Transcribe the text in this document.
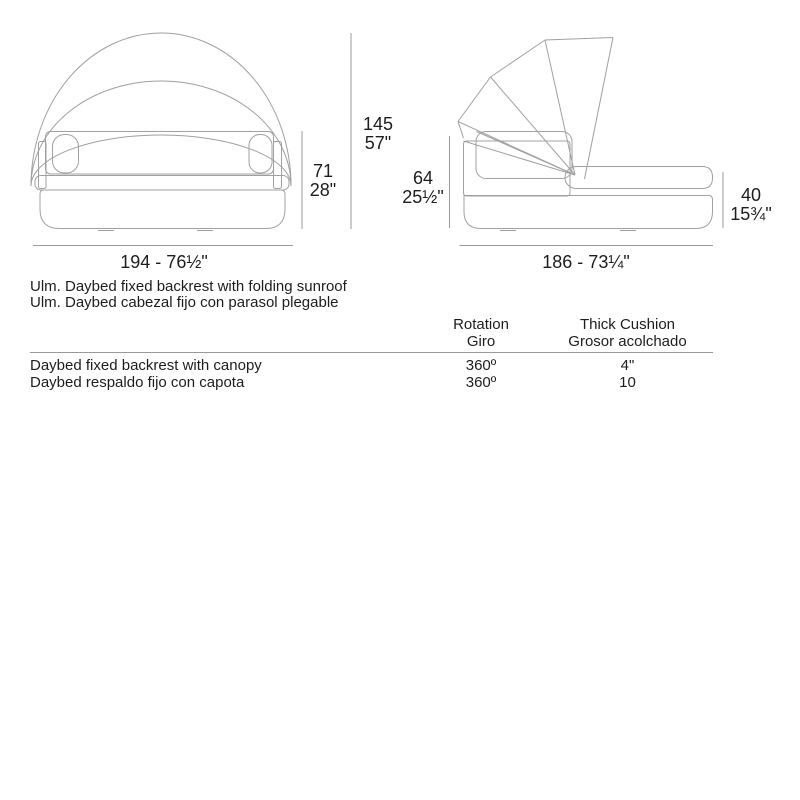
145
57"
71
28"
194 - 76½"
64
25½"	40
15¾"
186 - 73¼"
Ulm. Daybed fixed backrest with folding sunroof
Ulm. Daybed cabezal fijo con parasol plegable
Rotation
Giro
Thick Cushion
Grosor acolchado
Daybed fixed backrest with canopy	360º	4"
Daybed respaldo fijo con capota	360º	10
